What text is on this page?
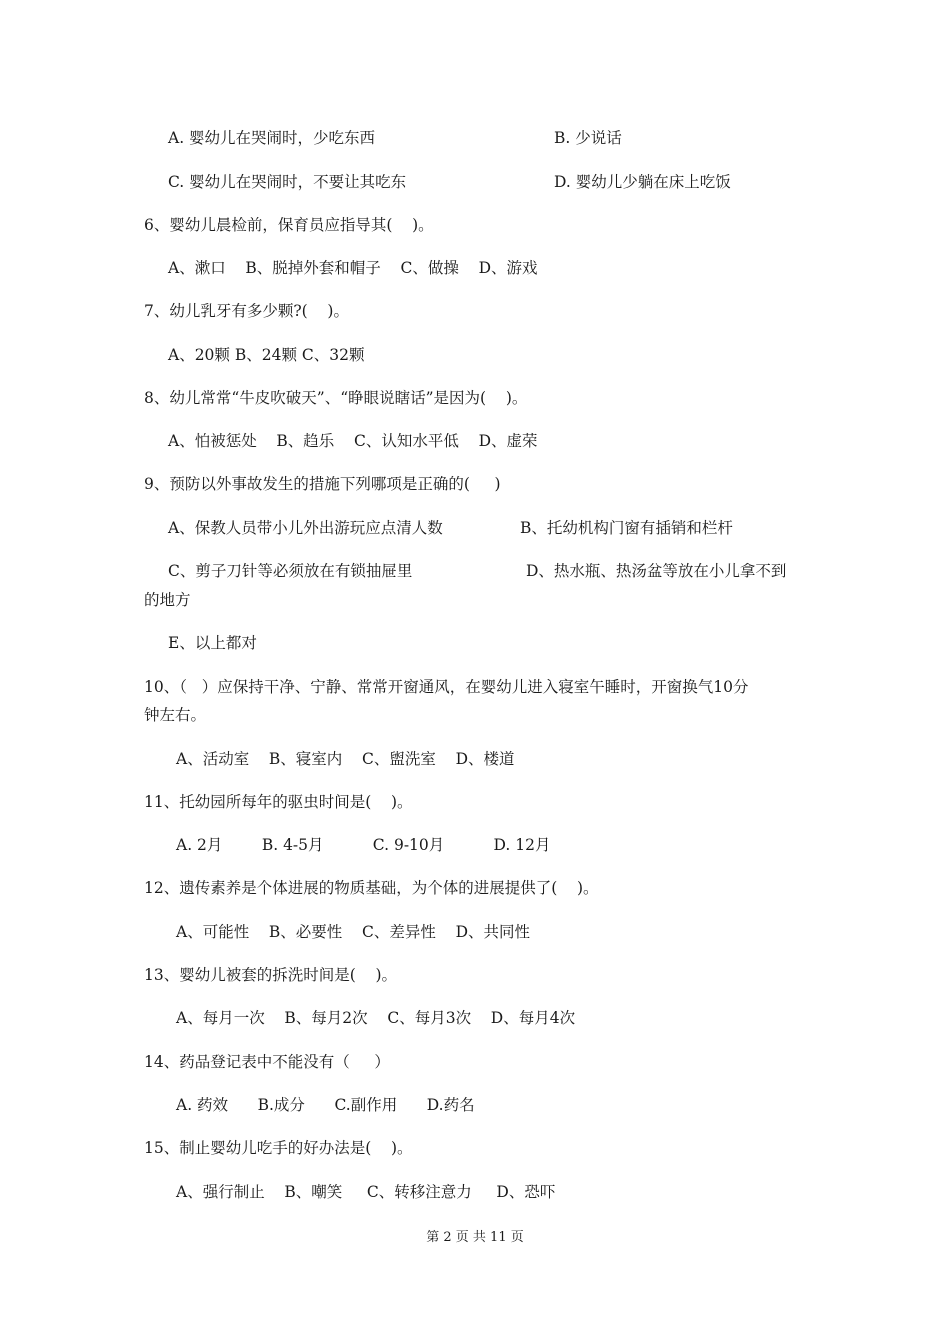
A. 婴幼儿在哭闹时，少吃东西	B. 少说话
C. 婴幼儿在哭闹时，不要让其吃东	D. 婴幼儿少躺在床上吃饭
6、婴幼儿晨检前，保育员应指导其(    )。
A、漱口    B、脱掉外套和帽子    C、做操    D、游戏
7、幼儿乳牙有多少颗?(    )。
A、20颗 B、24颗 C、32颗
8、幼儿常常“牛皮吹破天”、“睁眼说瞎话”是因为(    )。
A、怕被惩处    B、趋乐    C、认知水平低    D、虚荣
9、预防以外事故发生的措施下列哪项是正确的(     )
A、保教人员带小儿外出游玩应点清人数	B、托幼机构门窗有插销和栏杆
C、剪子刀针等必须放在有锁抽屉里	D、热水瓶、热汤盆等放在小儿拿不到
的地方
E、以上都对
10、（   ）应保持干净、宁静、常常开窗通风，在婴幼儿进入寝室午睡时，开窗换气10分
钟左右。
A、活动室    B、寝室内    C、盥洗室    D、楼道
11、托幼园所每年的驱虫时间是(    )。
A. 2月        B. 4-5月          C. 9-10月          D. 12月
12、遗传素养是个体进展的物质基础，为个体的进展提供了(    )。
A、可能性    B、必要性    C、差异性    D、共同性
13、婴幼儿被套的拆洗时间是(    )。
A、每月一次    B、每月2次    C、每月3次    D、每月4次
14、药品登记表中不能没有（     ）
A. 药效      B.成分      C.副作用      D.药名
15、制止婴幼儿吃手的好办法是(    )。
A、强行制止    B、嘲笑     C、转移注意力     D、恐吓
第 2 页 共 11 页
